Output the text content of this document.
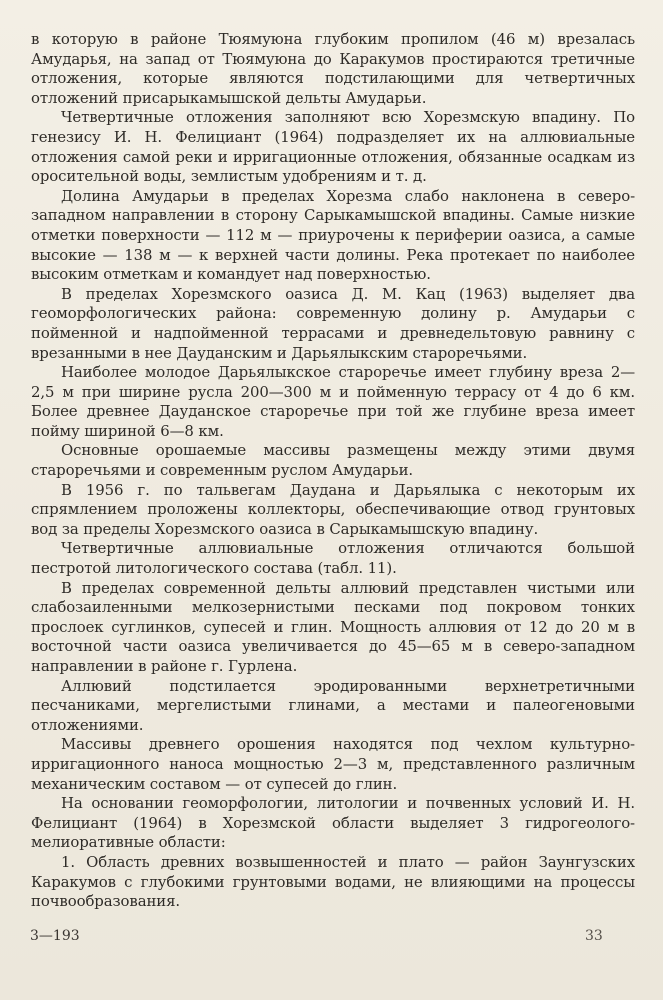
в которую в районе Тюямуюна глубоким пропилом (46 м) врезалась Амударья, на запад от Тюямуюна до Каракумов простираются третичные отложения, которые являются подстилающими для четвертичных отложений присарыкамышской дельты Амударьи.

Четвертичные отложения заполняют всю Хорезмскую впадину. По генезису И. Н. Фелициант (1964) подразделяет их на аллювиальные отложения самой реки и ирригационные отложения, обязанные осадкам из оросительной воды, землистым удобрениям и т. д.

Долина Амударьи в пределах Хорезма слабо наклонена в северо-западном направлении в сторону Сарыкамышской впадины. Самые низкие отметки поверхности — 112 м — приурочены к периферии оазиса, а самые высокие — 138 м — к верхней части долины. Река протекает по наиболее высоким отметкам и командует над поверхностью.

В пределах Хорезмского оазиса Д. М. Кац (1963) выделяет два геоморфологических района: современную долину р. Амударьи с пойменной и надпойменной террасами и древнедельтовую равнину с врезанными в нее Дауданским и Дарьялыкским староречьями.

Наиболее молодое Дарьялыкское староречье имеет глубину вреза 2—2,5 м при ширине русла 200—300 м и пойменную террасу от 4 до 6 км. Более древнее Дауданское староречье при той же глубине вреза имеет пойму шириной 6—8 км.

Основные орошаемые массивы размещены между этими двумя староречьями и современным руслом Амударьи.

В 1956 г. по тальвегам Даудана и Дарьялыка с некоторым их спрямлением проложены коллекторы, обеспечивающие отвод грунтовых вод за пределы Хорезмского оазиса в Сарыкамышскую впадину.

Четвертичные аллювиальные отложения отличаются большой пестротой литологического состава (табл. 11).

В пределах современной дельты аллювий представлен чистыми или слабозаиленными мелкозернистыми песками под покровом тонких прослоек суглинков, супесей и глин. Мощность аллювия от 12 до 20 м в восточной части оазиса увеличивается до 45—65 м в северо-западном направлении в районе г. Гурлена.

Аллювий подстилается эродированными верхнетретичными песчаниками, мергелистыми глинами, а местами и палеогеновыми отложениями.

Массивы древнего орошения находятся под чехлом культурно-ирригационного наноса мощностью 2—3 м, представленного различным механическим составом — от супесей до глин.

На основании геоморфологии, литологии и почвенных условий И. Н. Фелициант (1964) в Хорезмской области выделяет 3 гидрогеолого-мелиоративные области:

1. Область древних возвышенностей и плато — район Заунгузских Каракумов с глубокими грунтовыми водами, не влияющими на процессы почвообразования.

3—193	33
